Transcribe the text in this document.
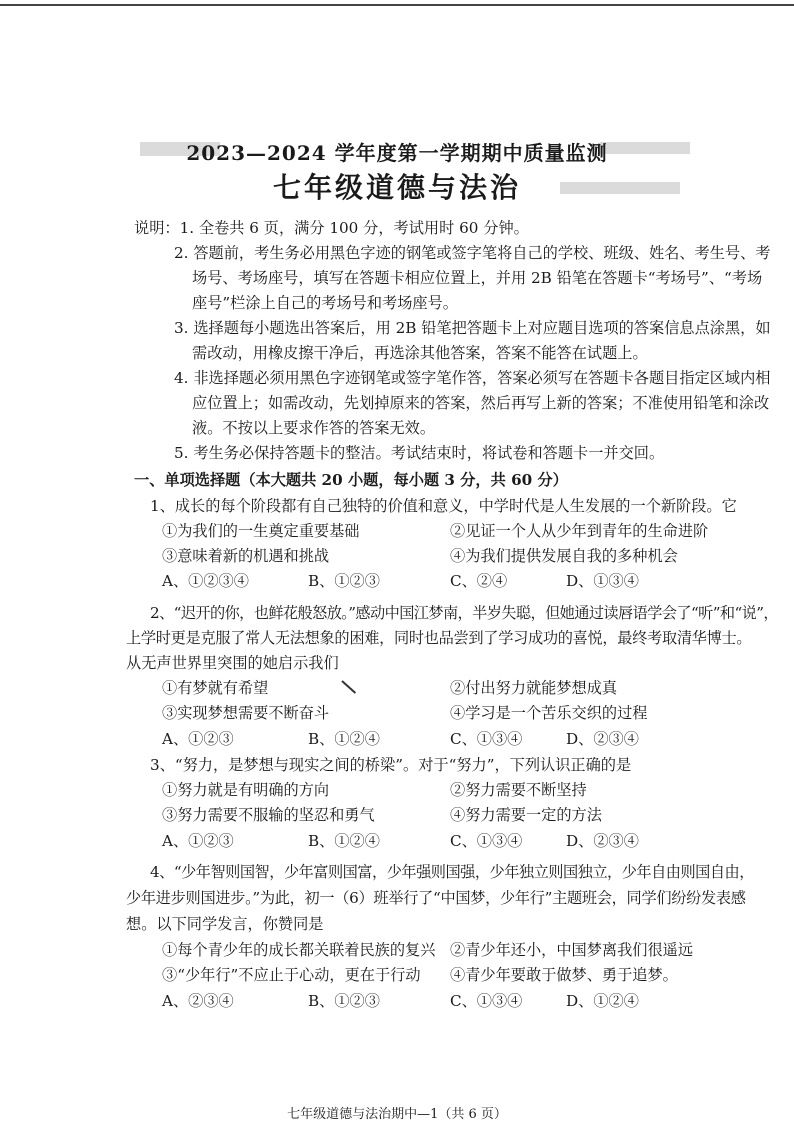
2023—2024 学年度第一学期期中质量监测
七年级道德与法治
说明：1. 全卷共 6 页，满分 100 分，考试用时 60 分钟。
2. 答题前，考生务必用黑色字迹的钢笔或签字笔将自己的学校、班级、姓名、考生号、考
场号、考场座号，填写在答题卡相应位置上，并用 2B 铅笔在答题卡“考场号”、“考场
座号”栏涂上自己的考场号和考场座号。
3. 选择题每小题选出答案后，用 2B 铅笔把答题卡上对应题目选项的答案信息点涂黑，如
需改动，用橡皮擦干净后，再选涂其他答案，答案不能答在试题上。
4. 非选择题必须用黑色字迹钢笔或签字笔作答，答案必须写在答题卡各题目指定区域内相
应位置上；如需改动，先划掉原来的答案，然后再写上新的答案；不准使用铅笔和涂改
液。不按以上要求作答的答案无效。
5. 考生务必保持答题卡的整洁。考试结束时，将试卷和答题卡一并交回。
一、单项选择题（本大题共 20 小题，每小题 3 分，共 60 分）
1、成长的每个阶段都有自己独特的价值和意义，中学时代是人生发展的一个新阶段。它
①为我们的一生奠定重要基础	②见证一个人从少年到青年的生命进阶
③意味着新的机遇和挑战	④为我们提供发展自我的多种机会
A、①②③④	B、①②③	C、②④	D、①③④
2、“迟开的你，也鲜花般怒放。”感动中国江梦南，半岁失聪，但她通过读唇语学会了“听”和“说”，
上学时更是克服了常人无法想象的困难，同时也品尝到了学习成功的喜悦，最终考取清华博士。
从无声世界里突围的她启示我们
①有梦就有希望	②付出努力就能梦想成真
③实现梦想需要不断奋斗	④学习是一个苦乐交织的过程
A、①②③	B、①②④	C、①③④	D、②③④
3、“努力，是梦想与现实之间的桥梁”。对于“努力”，下列认识正确的是
①努力就是有明确的方向	②努力需要不断坚持
③努力需要不服输的坚忍和勇气	④努力需要一定的方法
A、①②③	B、①②④	C、①③④	D、②③④
4、“少年智则国智，少年富则国富，少年强则国强，少年独立则国独立，少年自由则国自由，
少年进步则国进步。”为此，初一（6）班举行了“中国梦，少年行”主题班会，同学们纷纷发表感
想。以下同学发言，你赞同是
①每个青少年的成长都关联着民族的复兴 ②青少年还小，中国梦离我们很遥远
③“少年行”不应止于心动，更在于行动 ④青少年要敢于做梦、勇于追梦。
A、②③④	B、①②③	C、①③④	D、①②④
七年级道德与法治期中—1（共 6 页）
